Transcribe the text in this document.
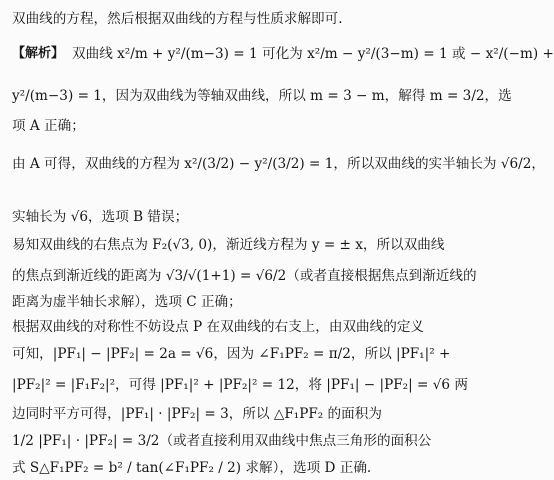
双曲线的方程，然后根据双曲线的方程与性质求解即可.
【解析】 双曲线 x²/m + y²/(m−3) = 1 可化为 x²/m − y²/(3−m) = 1 或 − x²/(−m) +
y²/(m−3) = 1，因为双曲线为等轴双曲线，所以 m = 3 − m，解得 m = 3/2，选
项 A 正确；
由 A 可得，双曲线的方程为 x²/(3/2) − y²/(3/2) = 1，所以双曲线的实半轴长为 √6/2，
实轴长为 √6，选项 B 错误；
易知双曲线的右焦点为 F₂(√3, 0)，渐近线方程为 y = ± x，所以双曲线
的焦点到渐近线的距离为 √3/√(1+1) = √6/2（或者直接根据焦点到渐近线的
距离为虚半轴长求解），选项 C 正确；
根据双曲线的对称性不妨设点 P 在双曲线的右支上，由双曲线的定义
可知，|PF₁| − |PF₂| = 2a = √6，因为 ∠F₁PF₂ = π/2，所以 |PF₁|² +
|PF₂|² = |F₁F₂|²，可得 |PF₁|² + |PF₂|² = 12，将 |PF₁| − |PF₂| = √6 两
边同时平方可得，|PF₁| · |PF₂| = 3，所以 △F₁PF₂ 的面积为
1/2 |PF₁| · |PF₂| = 3/2（或者直接利用双曲线中焦点三角形的面积公
式 S△F₁PF₂ = b² / tan(∠F₁PF₂ / 2) 求解），选项 D 正确.
